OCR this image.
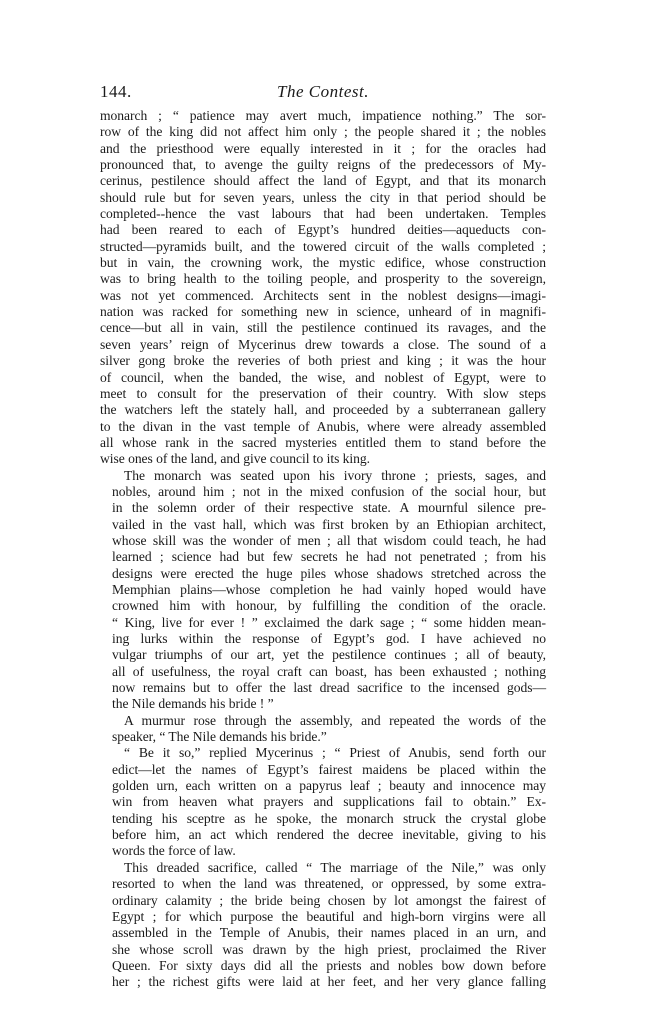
144.	The Contest.

monarch ; “ patience may avert much, impatience nothing.” The sor-
row of the king did not affect him only ; the people shared it ; the nobles
and the priesthood were equally interested in it ; for the oracles had
pronounced that, to avenge the guilty reigns of the predecessors of My-
cerinus, pestilence should affect the land of Egypt, and that its monarch
should rule but for seven years, unless the city in that period should be
completed--hence the vast labours that had been undertaken. Temples
had been reared to each of Egypt’s hundred deities—aqueducts con-
structed—pyramids built, and the towered circuit of the walls completed ;
but in vain, the crowning work, the mystic edifice, whose construction
was to bring health to the toiling people, and prosperity to the sovereign,
was not yet commenced. Architects sent in the noblest designs—imagi-
nation was racked for something new in science, unheard of in magnifi-
cence—but all in vain, still the pestilence continued its ravages, and the
seven years’ reign of Mycerinus drew towards a close. The sound of a
silver gong broke the reveries of both priest and king ; it was the hour
of council, when the banded, the wise, and noblest of Egypt, were to
meet to consult for the preservation of their country. With slow steps
the watchers left the stately hall, and proceeded by a subterranean gallery
to the divan in the vast temple of Anubis, where were already assembled
all whose rank in the sacred mysteries entitled them to stand before the
wise ones of the land, and give council to its king.

The monarch was seated upon his ivory throne ; priests, sages, and
nobles, around him ; not in the mixed confusion of the social hour, but
in the solemn order of their respective state. A mournful silence pre-
vailed in the vast hall, which was first broken by an Ethiopian architect,
whose skill was the wonder of men ; all that wisdom could teach, he had
learned ; science had but few secrets he had not penetrated ; from his
designs were erected the huge piles whose shadows stretched across the
Memphian plains—whose completion he had vainly hoped would have
crowned him with honour, by fulfilling the condition of the oracle.
“ King, live for ever ! ” exclaimed the dark sage ; “ some hidden mean-
ing lurks within the response of Egypt’s god. I have achieved no
vulgar triumphs of our art, yet the pestilence continues ; all of beauty,
all of usefulness, the royal craft can boast, has been exhausted ; nothing
now remains but to offer the last dread sacrifice to the incensed gods—
the Nile demands his bride ! ”

A murmur rose through the assembly, and repeated the words of the
speaker, “ The Nile demands his bride.”

“ Be it so,” replied Mycerinus ; “ Priest of Anubis, send forth our
edict—let the names of Egypt’s fairest maidens be placed within the
golden urn, each written on a papyrus leaf ; beauty and innocence may
win from heaven what prayers and supplications fail to obtain.” Ex-
tending his sceptre as he spoke, the monarch struck the crystal globe
before him, an act which rendered the decree inevitable, giving to his
words the force of law.

This dreaded sacrifice, called “ The marriage of the Nile,” was only
resorted to when the land was threatened, or oppressed, by some extra-
ordinary calamity ; the bride being chosen by lot amongst the fairest of
Egypt ; for which purpose the beautiful and high-born virgins were all
assembled in the Temple of Anubis, their names placed in an urn, and
she whose scroll was drawn by the high priest, proclaimed the River
Queen. For sixty days did all the priests and nobles bow down before
her ; the richest gifts were laid at her feet, and her very glance falling
